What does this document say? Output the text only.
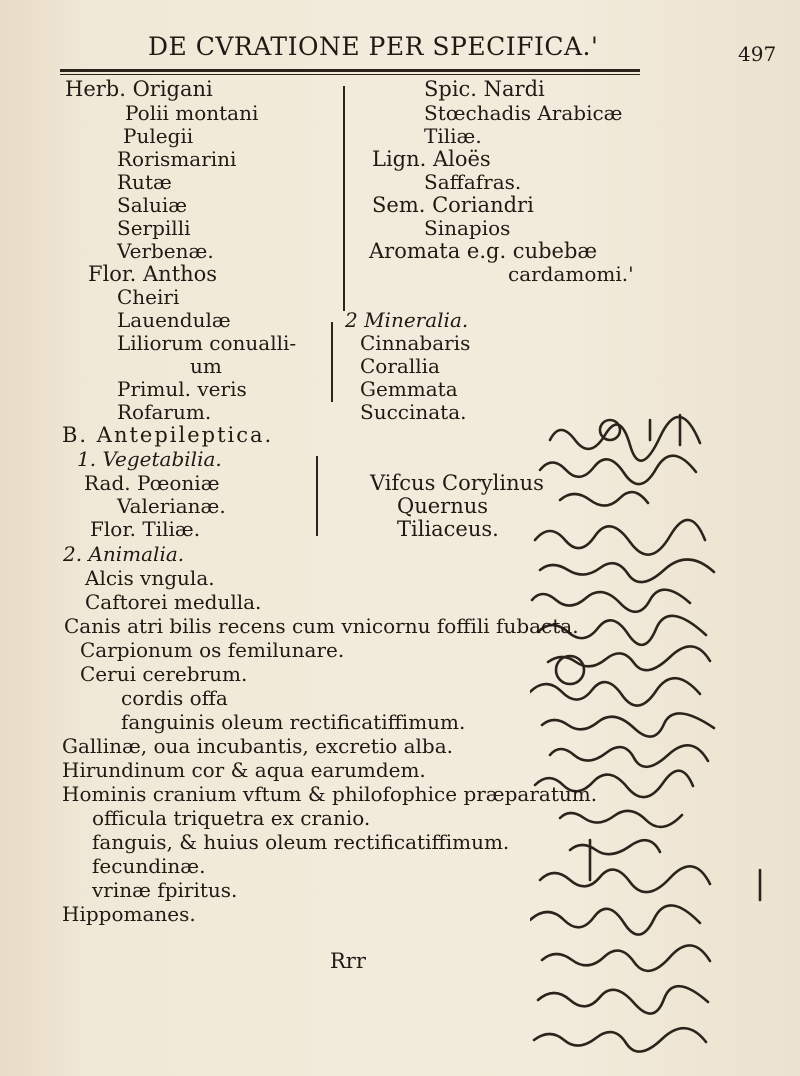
DE CVRATIONE PER SPECIFICA.'	497
Herb. Origani
Polii montani
Pulegii
Rorismarini
Rutæ
Saluiæ
Serpilli
Verbenæ.
Flor. Anthos
Cheiri
Lauendulæ
Liliorum conualli-
um
Primul. veris
Rofarum.
Spic. Nardi
Stœchadis Arabicæ
Tiliæ.
Lign. Aloës
Saffafras.
Sem. Coriandri
Sinapios
Aromata e.g. cubebæ
cardamomi.'
2 Mineralia.
Cinnabaris
Corallia
Gemmata
Succinata.
B. Antepileptica.
1. Vegetabilia.
Rad. Pœoniæ
Valerianæ.
Flor. Tiliæ.
Vifcus Corylinus
Quernus
Tiliaceus.
2. Animalia.
Alcis vngula.
Caftorei medulla.
Canis atri bilis recens cum vnicornu foffili fubacta.
Carpionum os femilunare.
Cerui cerebrum.
cordis offa
fanguinis oleum rectificatiffimum.
Gallinæ, oua incubantis, excretio alba.
Hirundinum cor & aqua earumdem.
Hominis cranium vftum & philofophice præparatum.
officula triquetra ex cranio.
fanguis, & huius oleum rectificatiffimum.
fecundinæ.
vrinæ fpiritus.
Hippomanes.
Rrr
